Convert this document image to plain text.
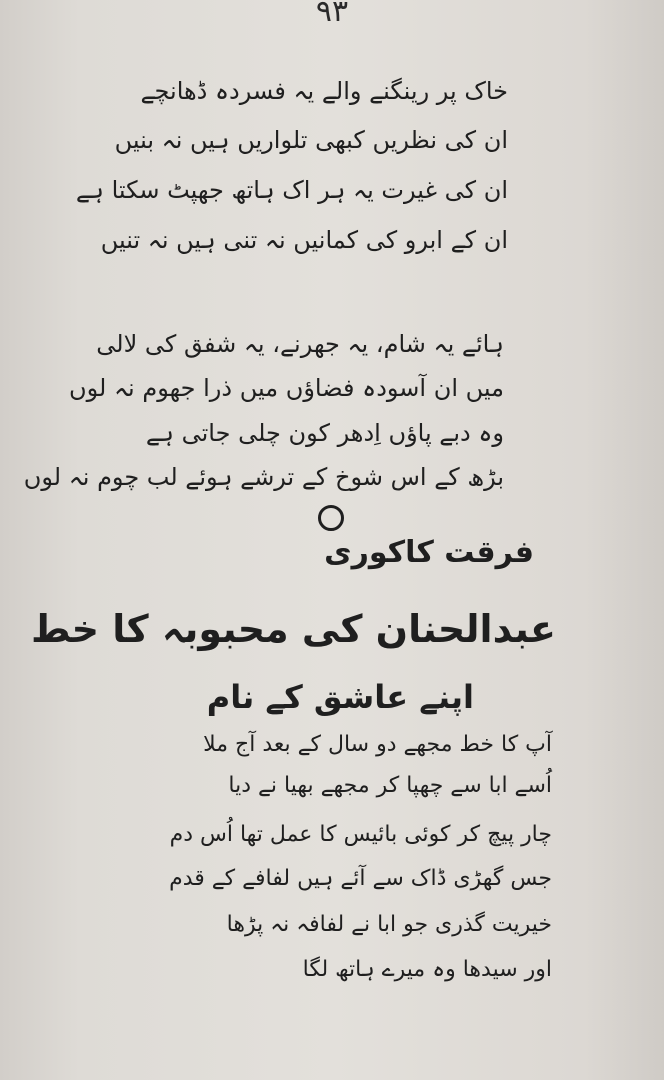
۹۳
خاک پر رینگنے والے یہ فسردہ ڈھانچے
ان کی نظریں کبھی تلواریں ہیں نہ بنیں
ان کی غیرت یہ ہر اک ہاتھ جھپٹ سکتا ہے
ان کے ابرو کی کمانیں نہ تنی ہیں نہ تنیں
ہائے یہ شام، یہ جھرنے، یہ شفق کی لالی
میں ان آسودہ فضاؤں میں ذرا جھوم نہ لوں
وہ دبے پاؤں اِدھر کون چلی جاتی ہے
بڑھ کے اس شوخ کے ترشے ہوئے لب چوم نہ لوں
فرقت کاکوری
عبدالحنان کی محبوبہ کا خط
اپنے عاشق کے نام
آپ کا خط مجھے دو سال کے بعد آج ملا
اُسے ابا سے چھپا کر مجھے بھیا نے دیا
چار پیچ کر کوئی بائیس کا عمل تھا اُس دم
جس گھڑی ڈاک سے آئے ہیں لفافے کے قدم
خیریت گذری جو ابا نے لفافہ نہ پڑھا
اور سیدھا وہ میرے ہاتھ لگا
